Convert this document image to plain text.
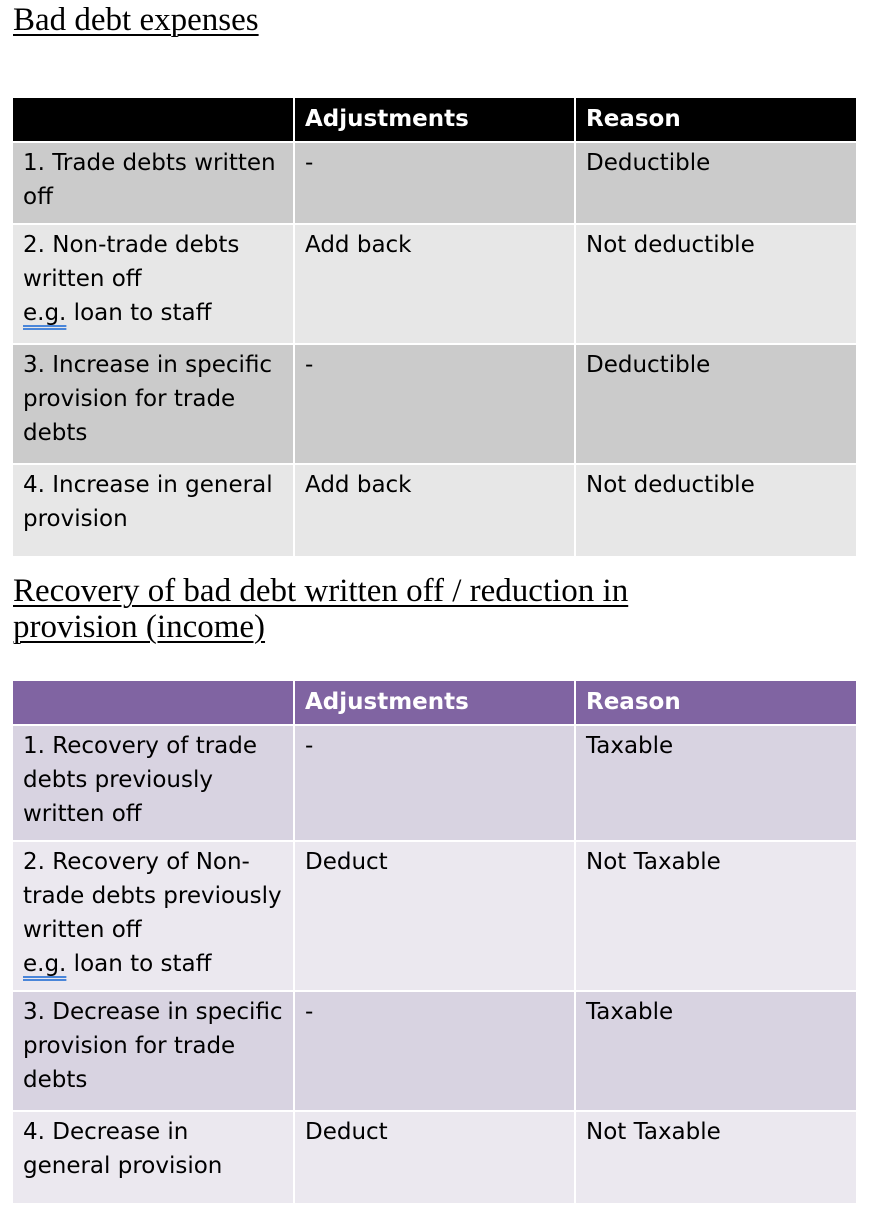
Bad debt expenses
	Adjustments	Reason
1. Trade debts written off	-	Deductible
2. Non-trade debts written off
e.g. loan to staff	Add back	Not deductible
3. Increase in specific provision for trade debts	-	Deductible
4. Increase in general provision	Add back	Not deductible
Recovery of bad debt written off / reduction in
provision (income)
	Adjustments	Reason
1. Recovery of trade debts previously written off	-	Taxable
2. Recovery of Non-trade debts previously written off
e.g. loan to staff	Deduct	Not Taxable
3. Decrease in specific provision for trade debts	-	Taxable
4. Decrease in general provision	Deduct	Not Taxable
